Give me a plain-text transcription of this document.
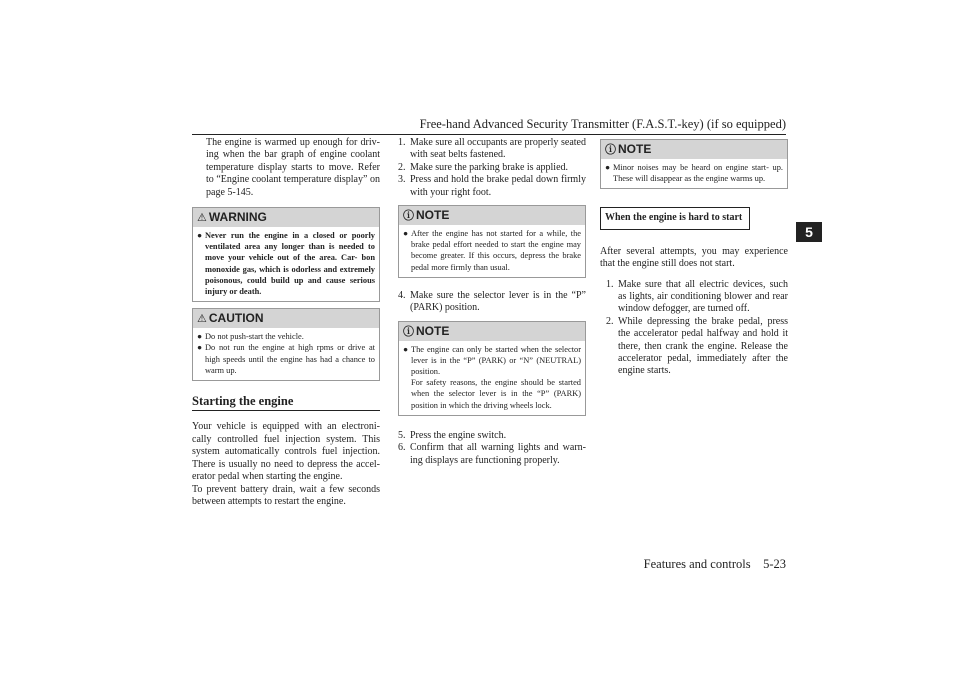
Free-hand Advanced Security Transmitter (F.A.S.T.-key) (if so equipped)
5

The engine is warmed up enough for driv- ing when the bar graph of engine coolant temperature display starts to move. Refer to “Engine coolant temperature display” on page 5-145.

⚠ WARNING
● Never run the engine in a closed or poorly ventilated area any longer than is needed to move your vehicle out of the area. Car- bon monoxide gas, which is odorless and extremely poisonous, could build up and cause serious injury or death.
⚠ CAUTION
● Do not push-start the vehicle.
● Do not run the engine at high rpms or drive at high speeds until the engine has had a chance to warm up.
Starting the engine

Your vehicle is equipped with an electroni- cally controlled fuel injection system. This system automatically controls fuel injection. There is usually no need to depress the accel- erator pedal when starting the engine.

To prevent battery drain, wait a few seconds between attempts to restart the engine.

1. Make sure all occupants are properly seated with seat belts fastened.
2. Make sure the parking brake is applied.
3. Press and hold the brake pedal down firmly with your right foot.
ⓘ NOTE
● After the engine has not started for a while, the brake pedal effort needed to start the engine may become greater. If this occurs, depress the brake pedal more firmly than usual.
4. Make sure the selector lever is in the “P” (PARK) position.
ⓘ NOTE
● The engine can only be started when the selector lever is in the “P” (PARK) or “N” (NEUTRAL) position.
For safety reasons, the engine should be started when the selector lever is in the “P” (PARK) position in which the driving wheels lock.
5. Press the engine switch.
6. Confirm that all warning lights and warn- ing displays are functioning properly.
ⓘ NOTE
● Minor noises may be heard on engine start- up. These will disappear as the engine warms up.
When the engine is hard to start

After several attempts, you may experience that the engine still does not start.

1. Make sure that all electric devices, such as lights, air conditioning blower and rear window defogger, are turned off.
2. While depressing the brake pedal, press the accelerator pedal halfway and hold it there, then crank the engine. Release the accelerator pedal, immediately after the engine starts.
Features and controls 5-23
